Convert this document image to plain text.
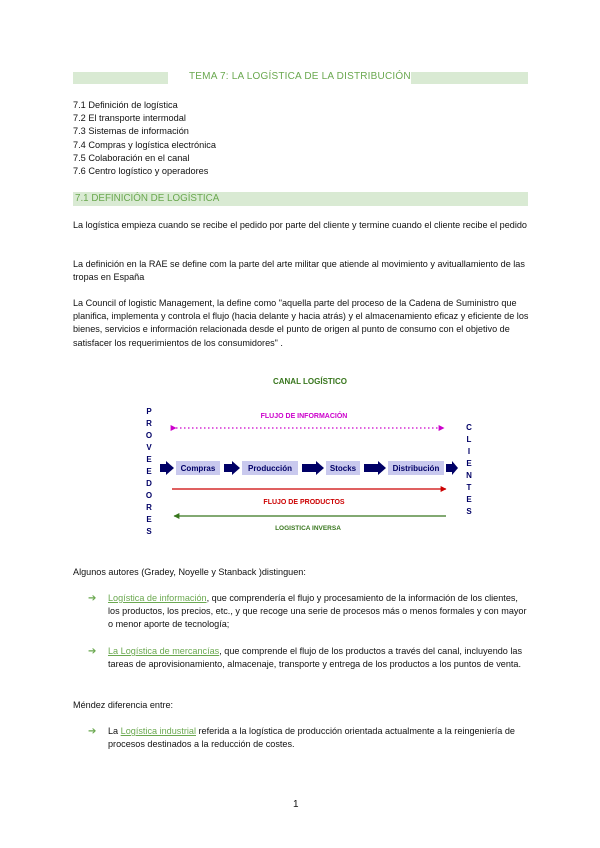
TEMA 7: LA LOGÍSTICA DE LA DISTRIBUCIÓN
7.1 Definición de logística
7.2 El transporte intermodal
7.3 Sistemas de información
7.4 Compras y logística electrónica
7.5 Colaboración en el canal
7.6 Centro logístico y operadores
7.1 DEFINICIÓN DE LOGÍSTICA
La logística empieza cuando se recibe el pedido por parte del cliente y termine cuando el cliente recibe el pedido
La definición en la RAE se define com la parte del arte militar que atiende al movimiento y avituallamiento de las tropas en España
La Council of logistic Management, la define como "aquella parte del proceso de la Cadena de Suministro que planifica, implementa y controla el flujo (hacia delante y hacia atrás) y el almacenamiento eficaz y eficiente de los bienes, servicios e información relacionada desde el punto de origen al punto de consumo con el objetivo de satisfacer los requerimientos de los consumidores" .
CANAL LOGÍSTICO
P
R
O
V
E
E
D
O
R
E
S
C
L
I
E
N
T
E
S
FLUJO DE INFORMACIÓN
Compras	Producción	Stocks	Distribución
FLUJO DE PRODUCTOS
LOGISTICA INVERSA
Algunos autores (Gradey, Noyelle y Stanback )distinguen:
➔ Logística de información, que comprendería el flujo y procesamiento de la información de los clientes, los productos, los precios, etc., y que recoge una serie de procesos más o menos formales y con mayor o menor aporte de tecnología;
➔ La Logística de mercancías, que comprende el flujo de los productos a través del canal, incluyendo las tareas de aprovisionamiento, almacenaje, transporte y entrega de los productos a los puntos de venta.
Méndez diferencia entre:
➔ La Logística industrial referida a la logística de producción orientada actualmente a la reingeniería de procesos destinados a la reducción de costes.
1
